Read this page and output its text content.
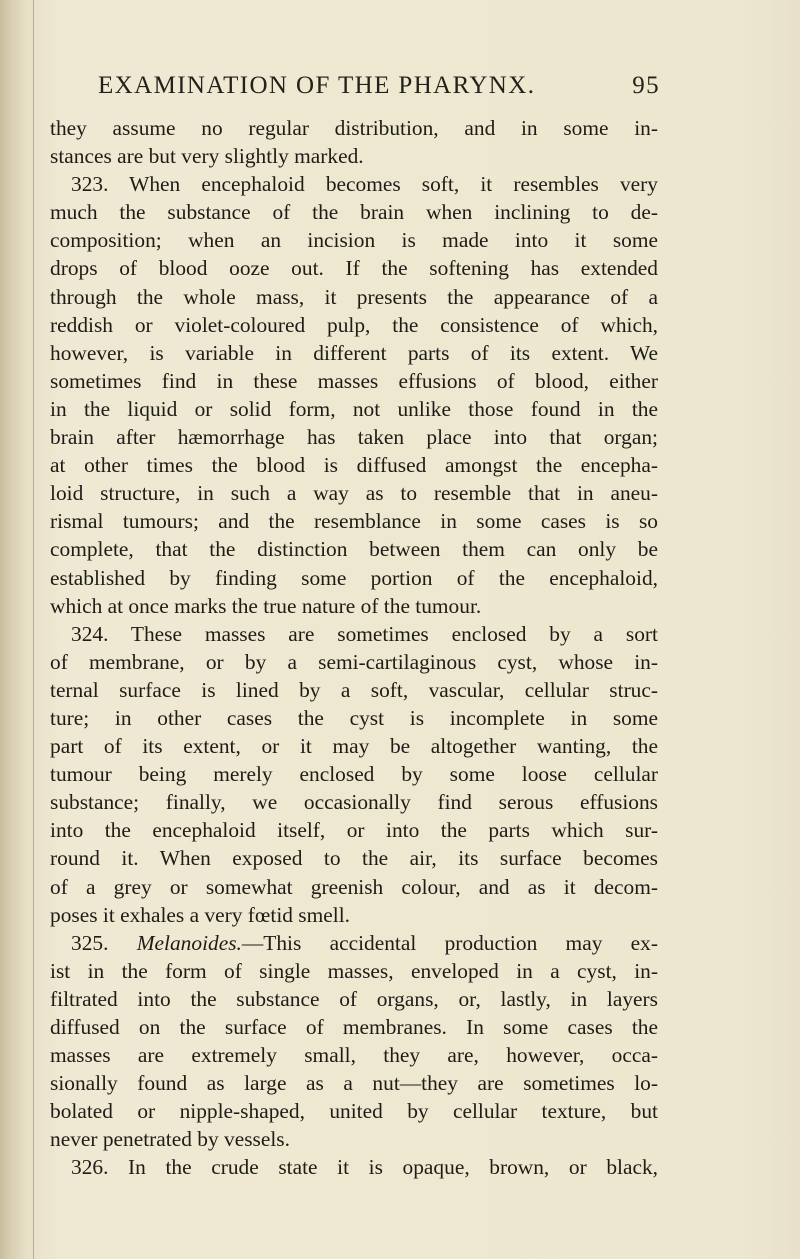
EXAMINATION OF THE PHARYNX.	95
they assume no regular distribution, and in some in-
stances are but very slightly marked.
323. When encephaloid becomes soft, it resembles very
much the substance of the brain when inclining to de-
composition; when an incision is made into it some
drops of blood ooze out. If the softening has extended
through the whole mass, it presents the appearance of a
reddish or violet-coloured pulp, the consistence of which,
however, is variable in different parts of its extent. We
sometimes find in these masses effusions of blood, either
in the liquid or solid form, not unlike those found in the
brain after hæmorrhage has taken place into that organ;
at other times the blood is diffused amongst the encepha-
loid structure, in such a way as to resemble that in aneu-
rismal tumours; and the resemblance in some cases is so
complete, that the distinction between them can only be
established by finding some portion of the encephaloid,
which at once marks the true nature of the tumour.
324. These masses are sometimes enclosed by a sort
of membrane, or by a semi-cartilaginous cyst, whose in-
ternal surface is lined by a soft, vascular, cellular struc-
ture; in other cases the cyst is incomplete in some
part of its extent, or it may be altogether wanting, the
tumour being merely enclosed by some loose cellular
substance; finally, we occasionally find serous effusions
into the encephaloid itself, or into the parts which sur-
round it. When exposed to the air, its surface becomes
of a grey or somewhat greenish colour, and as it decom-
poses it exhales a very fœtid smell.
325. Melanoides.—This accidental production may ex-
ist in the form of single masses, enveloped in a cyst, in-
filtrated into the substance of organs, or, lastly, in layers
diffused on the surface of membranes. In some cases the
masses are extremely small, they are, however, occa-
sionally found as large as a nut—they are sometimes lo-
bolated or nipple-shaped, united by cellular texture, but
never penetrated by vessels.
326. In the crude state it is opaque, brown, or black,
